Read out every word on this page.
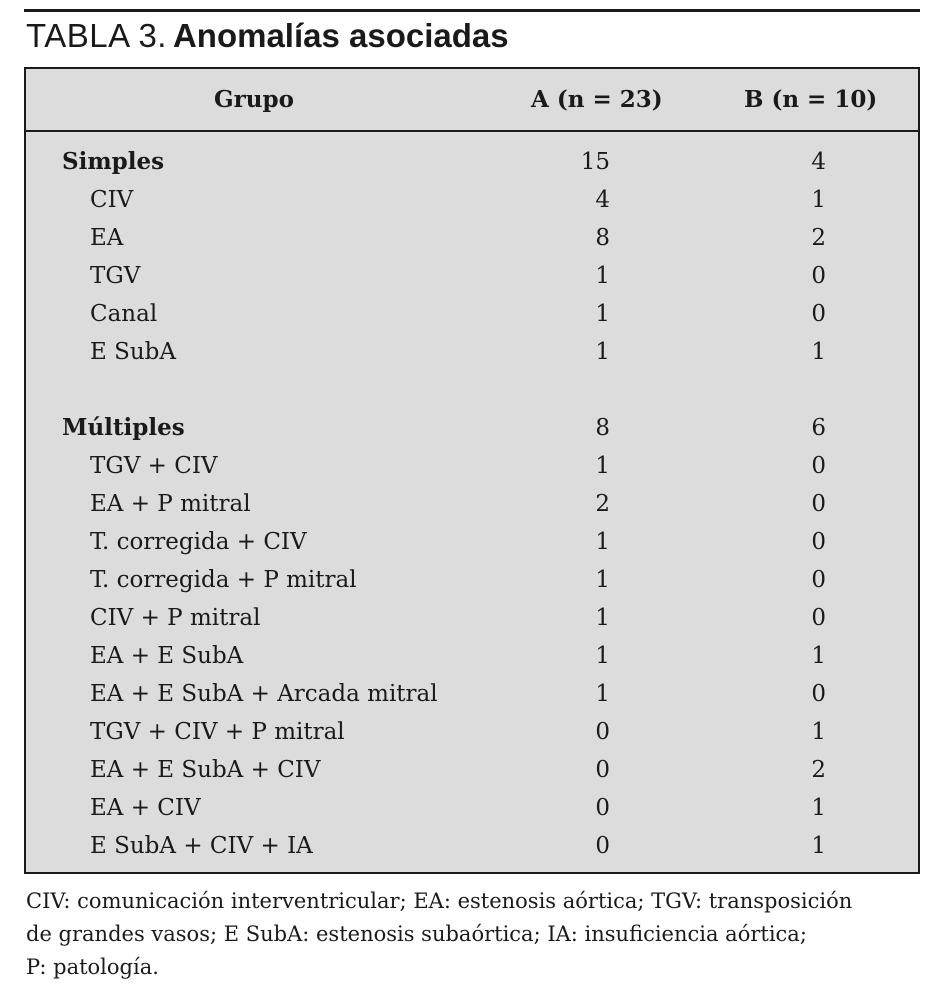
TABLA 3. Anomalías asociadas
Grupo	A (n = 23)	B (n = 10)
Simples	15	4
CIV	4	1
EA	8	2
TGV	1	0
Canal	1	0
E SubA	1	1
Múltiples	8	6
TGV + CIV	1	0
EA + P mitral	2	0
T. corregida + CIV	1	0
T. corregida + P mitral	1	0
CIV + P mitral	1	0
EA + E SubA	1	1
EA + E SubA + Arcada mitral	1	0
TGV + CIV + P mitral	0	1
EA + E SubA + CIV	0	2
EA + CIV	0	1
E SubA + CIV + IA	0	1

CIV: comunicación interventricular; EA: estenosis aórtica; TGV: transposición

de grandes vasos; E SubA: estenosis subaórtica; IA: insuficiencia aórtica;

P: patología.
